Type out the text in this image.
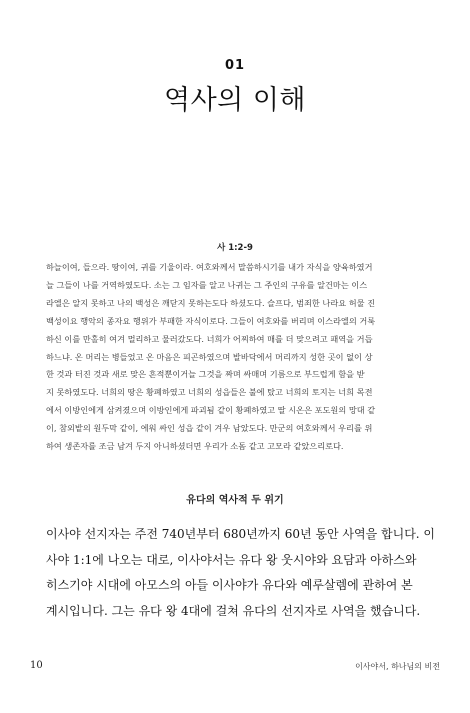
01
역사의 이해
사 1:2-9
하늘이여, 들으라. 땅이여, 귀를 기울이라. 여호와께서 말씀하시기를 내가 자식을 양육하였거
늘 그들이 나를 거역하였도다. 소는 그 임자를 알고 나귀는 그 주인의 구유를 알건마는 이스
라엘은 알지 못하고 나의 백성은 깨닫지 못하는도다 하셨도다. 슬프다, 범죄한 나라요 허물 진
백성이요 행악의 종자요 행위가 부패한 자식이로다. 그들이 여호와를 버리며 이스라엘의 거룩
하신 이를 만홀히 여겨 멀리하고 물러갔도다. 너희가 어찌하여 매를 더 맞으려고 패역을 거듭
하느냐. 온 머리는 병들었고 온 마음은 피곤하였으며 발바닥에서 머리까지 성한 곳이 없이 상
한 것과 터진 것과 새로 맞은 흔적뿐이거늘 그것을 짜며 싸매며 기름으로 부드럽게 함을 받
지 못하였도다. 너희의 땅은 황폐하였고 너희의 성읍들은 불에 탔고 너희의 토지는 너희 목전
에서 이방인에게 삼켜졌으며 이방인에게 파괴됨 같이 황폐하였고 딸 시온은 포도원의 망대 같
이, 참외밭의 원두막 같이, 에워 싸인 성읍 같이 겨우 남았도다. 만군의 여호와께서 우리를 위
하여 생존자를 조금 남겨 두지 아니하셨더면 우리가 소돔 같고 고모라 같았으리로다.
유다의 역사적 두 위기
이사야 선지자는 주전 740년부터 680년까지 60년 동안 사역을 합니다. 이
사야 1:1에 나오는 대로, 이사야서는 유다 왕 웃시야와 요담과 아하스와
히스기야 시대에 아모스의 아들 이사야가 유다와 예루살렘에 관하여 본
계시입니다. 그는 유다 왕 4대에 걸쳐 유다의 선지자로 사역을 했습니다.
10	이사야서, 하나님의 비전
